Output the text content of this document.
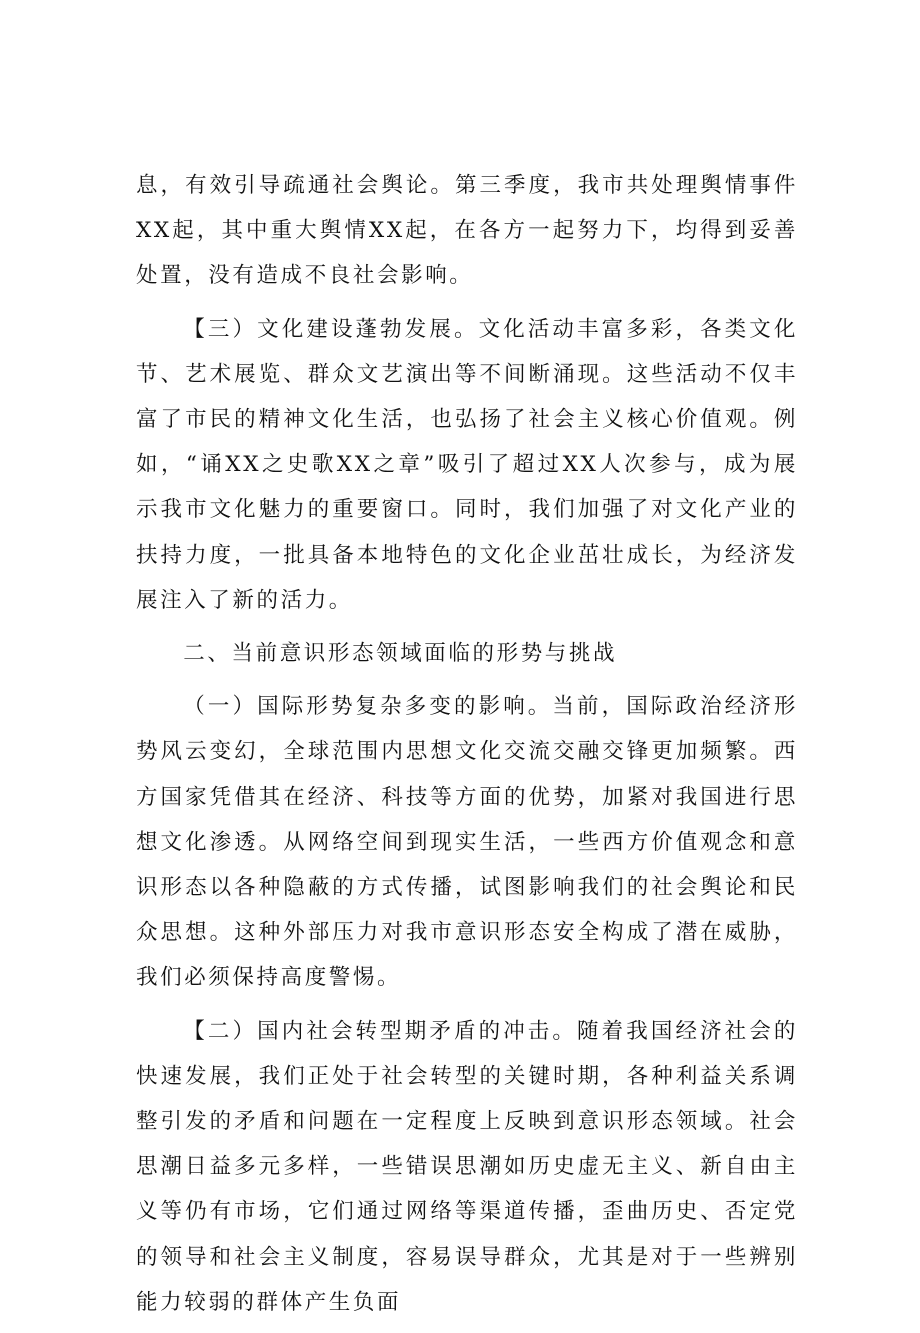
息，有效引导疏通社会舆论。第三季度，我市共处理舆情事件XX起，其中重大舆情XX起，在各方一起努力下，均得到妥善处置，没有造成不良社会影响。

【三）文化建设蓬勃发展。文化活动丰富多彩，各类文化节、艺术展览、群众文艺演出等不间断涌现。这些活动不仅丰富了市民的精神文化生活，也弘扬了社会主义核心价值观。例如，“诵XX之史歌XX之章”吸引了超过XX人次参与，成为展示我市文化魅力的重要窗口。同时，我们加强了对文化产业的扶持力度，一批具备本地特色的文化企业茁壮成长，为经济发展注入了新的活力。

二、当前意识形态领域面临的形势与挑战

（一）国际形势复杂多变的影响。当前，国际政治经济形势风云变幻，全球范围内思想文化交流交融交锋更加频繁。西方国家凭借其在经济、科技等方面的优势，加紧对我国进行思想文化渗透。从网络空间到现实生活，一些西方价值观念和意识形态以各种隐蔽的方式传播，试图影响我们的社会舆论和民众思想。这种外部压力对我市意识形态安全构成了潜在威胁，我们必须保持高度警惕。

【二）国内社会转型期矛盾的冲击。随着我国经济社会的快速发展，我们正处于社会转型的关键时期，各种利益关系调整引发的矛盾和问题在一定程度上反映到意识形态领域。社会思潮日益多元多样，一些错误思潮如历史虚无主义、新自由主义等仍有市场，它们通过网络等渠道传播，歪曲历史、否定党的领导和社会主义制度，容易误导群众，尤其是对于一些辨别能力较弱的群体产生负面
